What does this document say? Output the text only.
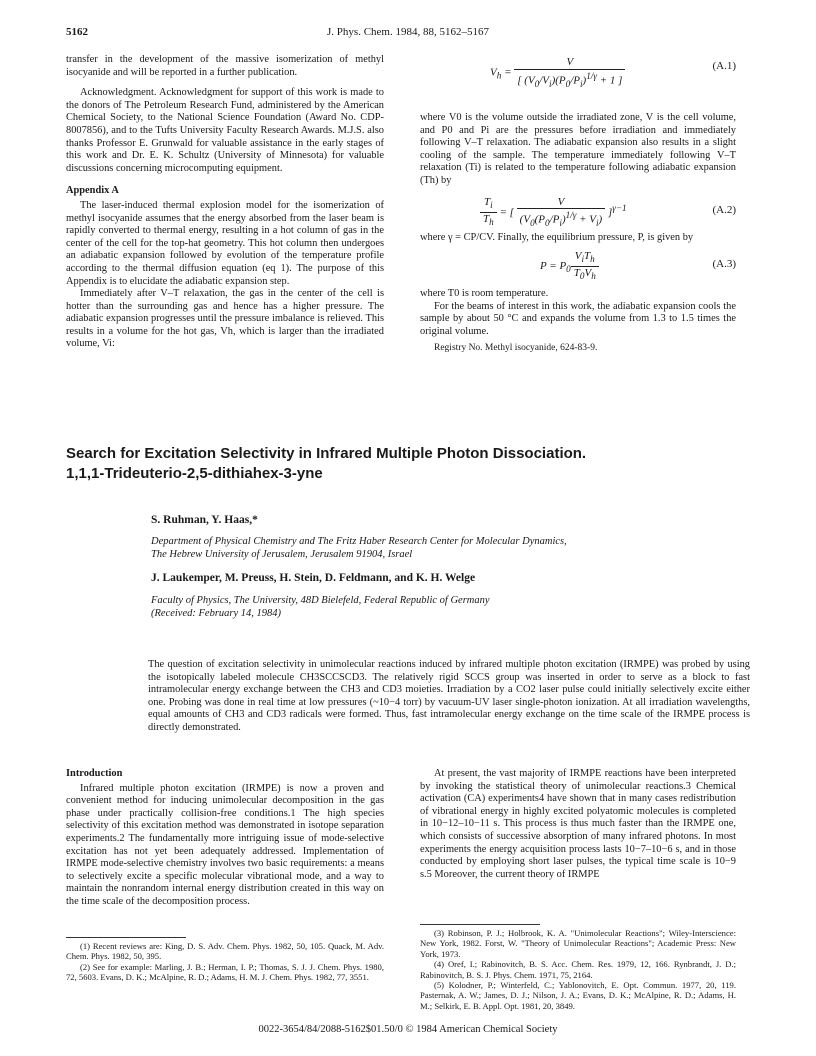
5162	J. Phys. Chem. 1984, 88, 5162–5167

transfer in the development of the massive isomerization of methyl isocyanide and will be reported in a further publication.

Acknowledgment. Acknowledgment for support of this work is made to the donors of The Petroleum Research Fund, administered by the American Chemical Society, to the National Science Foundation (Award No. CDP-8007856), and to the Tufts University Faculty Research Awards. M.J.S. also thanks Professor E. Grunwald for valuable assistance in the early stages of this work and Dr. E. K. Schultz (University of Minnesota) for valuable discussions concerning microcomputing equipment.

Appendix A

The laser-induced thermal explosion model for the isomerization of methyl isocyanide assumes that the energy absorbed from the laser beam is rapidly converted to thermal energy, resulting in a hot column of gas in the center of the cell for the top-hat geometry. This hot column then undergoes an adiabatic expansion followed by evolution of the temperature profile according to the thermal diffusion equation (eq 1). The purpose of this Appendix is to elucidate the adiabatic expansion step.

Immediately after V–T relaxation, the gas in the center of the cell is hotter than the surrounding gas and hence has a higher pressure. The adiabatic expansion progresses until the pressure imbalance is relieved. This results in a volume for the hot gas, Vh, which is larger than the irradiated volume, Vi:

$V_h = \frac{V}{[ (V_0/V_i)(P_0/P_i)^{1/\gamma} + 1 ]}$	(A.1)

where V0 is the volume outside the irradiated zone, V is the cell volume, and P0 and Pi are the pressures before irradiation and immediately following V–T relaxation. The adiabatic expansion also results in a slight cooling of the sample. The temperature immediately following V–T relaxation (Ti) is related to the temperature following adiabatic expansion (Th) by

$\frac{T_i}{T_h}$ = [ $\frac{V}{(V_0(P_0/P_i)^{1/\gamma} + V_i)} ]^{\gamma-1}$	(A.2)

where γ = CP/CV. Finally, the equilibrium pressure, P, is given by

$P = P_0 \frac{V_iT_h}{T_0V_h}$	(A.3)

where T0 is room temperature.

For the beams of interest in this work, the adiabatic expansion cools the sample by about 50 °C and expands the volume from 1.3 to 1.5 times the original volume.

Registry No. Methyl isocyanide, 624-83-9.

Search for Excitation Selectivity in Infrared Multiple Photon Dissociation.
1,1,1-Trideuterio-2,5-dithiahex-3-yne
S. Ruhman, Y. Haas,*
Department of Physical Chemistry and The Fritz Haber Research Center for Molecular Dynamics,
The Hebrew University of Jerusalem, Jerusalem 91904, Israel
J. Laukemper, M. Preuss, H. Stein, D. Feldmann, and K. H. Welge
Faculty of Physics, The University, 48D Bielefeld, Federal Republic of Germany
(Received: February 14, 1984)
The question of excitation selectivity in unimolecular reactions induced by infrared multiple photon excitation (IRMPE) was probed by using the isotopically labeled molecule CH3SCCSCD3. The relatively rigid SCCS group was inserted in order to serve as a block to fast intramolecular energy exchange between the CH3 and CD3 moieties. Irradiation by a CO2 laser pulse could initially selectively excite either one. Probing was done in real time at low pressures (~10−4 torr) by vacuum-UV laser single-photon ionization. At all irradiation wavelengths, equal amounts of CH3 and CD3 radicals were formed. Thus, fast intramolecular energy exchange on the time scale of the IRMPE process is directly demonstrated.

Introduction

Infrared multiple photon excitation (IRMPE) is now a proven and convenient method for inducing unimolecular decomposition in the gas phase under practically collision-free conditions.1 The high species selectivity of this excitation method was demonstrated in isotope separation experiments.2 The fundamentally more intriguing issue of mode-selective excitation has not yet been adequately addressed. Implementation of IRMPE mode-selective chemistry involves two basic requirements: a means to selectively excite a specific molecular vibrational mode, and a way to maintain the nonrandom internal energy distribution created in this way on the time scale of the decomposition process.

(1) Recent reviews are: King, D. S. Adv. Chem. Phys. 1982, 50, 105. Quack, M. Adv. Chem. Phys. 1982, 50, 395.

(2) See for example: Marling, J. B.; Herman, I. P.; Thomas, S. J. J. Chem. Phys. 1980, 72, 5603. Evans, D. K.; McAlpine, R. D.; Adams, H. M. J. Chem. Phys. 1982, 77, 3551.

At present, the vast majority of IRMPE reactions have been interpreted by invoking the statistical theory of unimolecular reactions.3 Chemical activation (CA) experiments4 have shown that in many cases redistribution of vibrational energy in highly excited polyatomic molecules is completed in 10−12–10−11 s. This process is thus much faster than the IRMPE one, which consists of successive absorption of many infrared photons. In most experiments the energy acquisition process lasts 10−7–10−6 s, and in those conducted by employing short laser pulses, the typical time scale is 10−9 s.5 Moreover, the current theory of IRMPE

(3) Robinson, P. J.; Holbrook, K. A. "Unimolecular Reactions"; Wiley-Interscience: New York, 1982. Forst, W. "Theory of Unimolecular Reactions"; Academic Press: New York, 1973.

(4) Oref, I.; Rabinovitch, B. S. Acc. Chem. Res. 1979, 12, 166. Rynbrandt, J. D.; Rabinovitch, B. S. J. Phys. Chem. 1971, 75, 2164.

(5) Kolodner, P.; Winterfeld, C.; Yablonovitch, E. Opt. Commun. 1977, 20, 119. Pasternak, A. W.; James, D. J.; Nilson, J. A.; Evans, D. K.; McAlpine, R. D.; Adams, H. M.; Selkirk, E. B. Appl. Opt. 1981, 20, 3849.

0022-3654/84/2088-5162$01.50/0 © 1984 American Chemical Society
